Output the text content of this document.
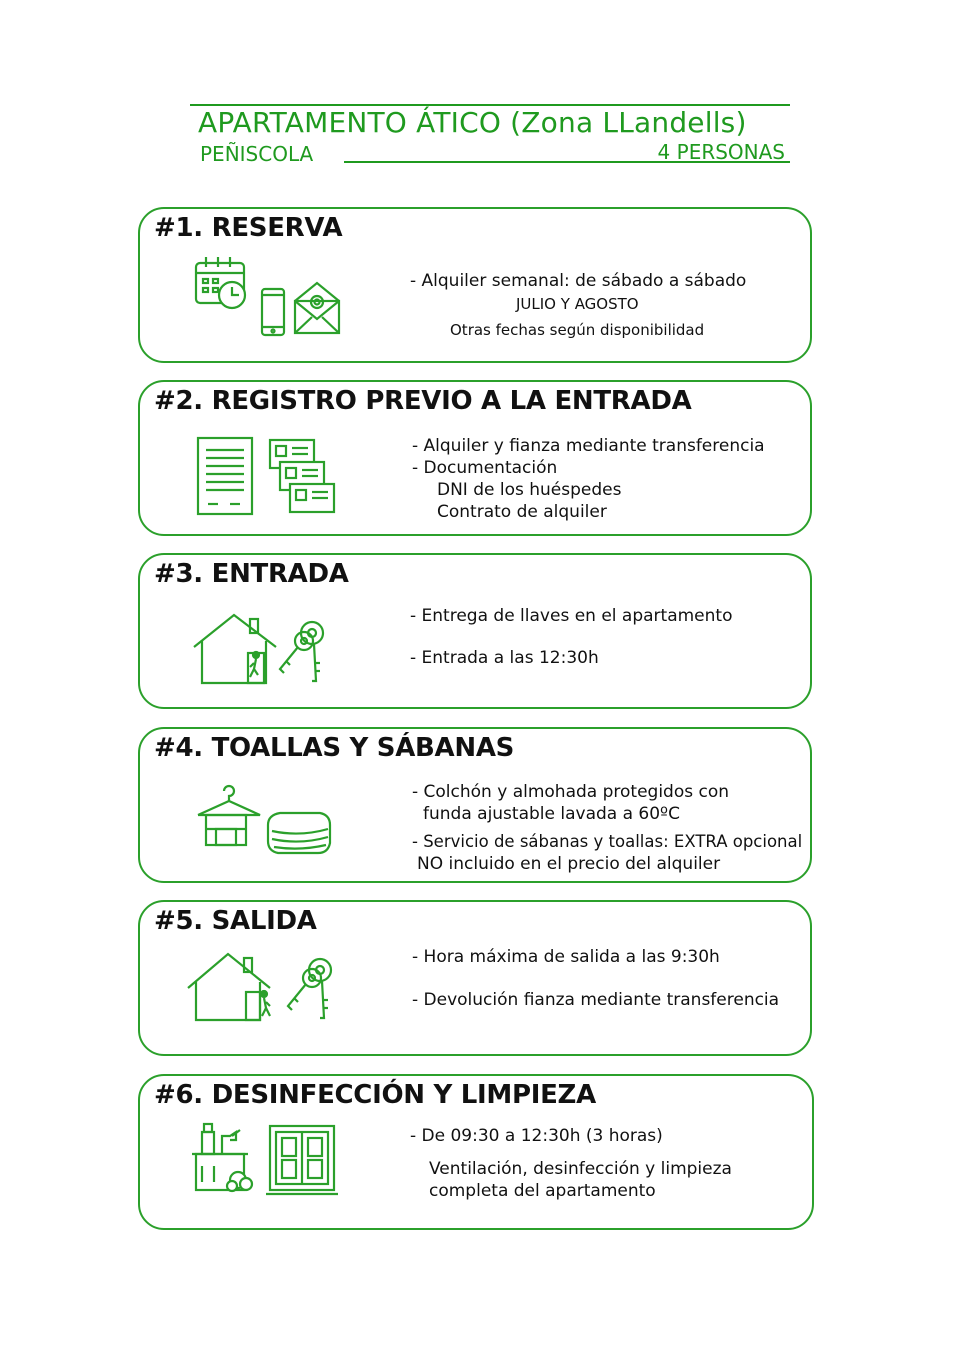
APARTAMENTO ÁTICO (Zona LLandells)
PEÑISCOLA	4 PERSONAS
#1. RESERVA
- Alquiler semanal: de sábado a sábado
JULIO Y AGOSTO
Otras fechas según disponibilidad
#2. REGISTRO PREVIO A LA ENTRADA
- Alquiler y fianza mediante transferencia
- Documentación
DNI de los huéspedes
Contrato de alquiler
#3. ENTRADA
- Entrega de llaves en el apartamento
- Entrada a las 12:30h
#4. TOALLAS Y SÁBANAS
- Colchón y almohada protegidos con
funda ajustable lavada a 60ºC
- Servicio de sábanas y toallas: EXTRA opcional
NO incluido en el precio del alquiler
#5. SALIDA
- Hora máxima de salida a las 9:30h
- Devolución fianza mediante transferencia
#6. DESINFECCIÓN Y LIMPIEZA
- De 09:30 a 12:30h (3 horas)
Ventilación, desinfección y limpieza
completa del apartamento
